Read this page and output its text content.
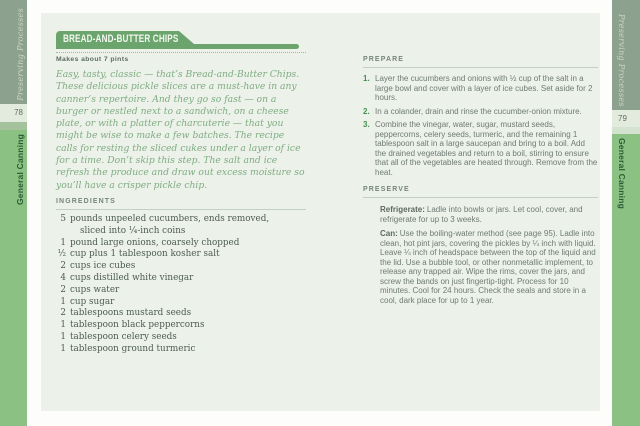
BREAD-AND-BUTTER CHIPS
Makes about 7 pints

Easy, tasty, classic — that’s Bread-and-Butter Chips. These delicious pickle slices are a must-have in any canner’s repertoire. And they go so fast — on a burger or nestled next to a sandwich, on a cheese plate, or with a platter of charcuterie — that you might be wise to make a few batches. The recipe calls for resting the sliced cukes under a layer of ice for a time. Don’t skip this step. The salt and ice refresh the produce and draw out excess moisture so you’ll have a crisper pickle chip.

INGREDIENTS
5 pounds unpeeled cucumbers, ends removed, sliced into ¼-inch coins
1 pound large onions, coarsely chopped
½ cup plus 1 tablespoon kosher salt
2 cups ice cubes
4 cups distilled white vinegar
2 cups water
1 cup sugar
2 tablespoons mustard seeds
1 tablespoon black peppercorns
1 tablespoon celery seeds
1 tablespoon ground turmeric
PREPARE
1. Layer the cucumbers and onions with ½ cup of the salt in a large bowl and cover with a layer of ice cubes. Set aside for 2 hours.
2. In a colander, drain and rinse the cucumber-onion mixture.
3. Combine the vinegar, water, sugar, mustard seeds, peppercorns, celery seeds, turmeric, and the remaining 1 tablespoon salt in a large saucepan and bring to a boil. Add the drained vegetables and return to a boil, stirring to ensure that all of the vegetables are heated through. Remove from the heat.
PRESERVE

Refrigerate: Ladle into bowls or jars. Let cool, cover, and refrigerate for up to 3 weeks.

Can: Use the boiling-water method (see page 95). Ladle into clean, hot pint jars, covering the pickles by ¼ inch with liquid. Leave ¼ inch of headspace between the top of the liquid and the lid. Use a bubble tool, or other nonmetallic implement, to release any trapped air. Wipe the rims, cover the jars, and screw the bands on just fingertip-tight. Process for 10 minutes. Cool for 24 hours. Check the seals and store in a cool, dark place for up to 1 year.

Preserving Processes
78
General Canning
Preserving Processes
79
General Canning
